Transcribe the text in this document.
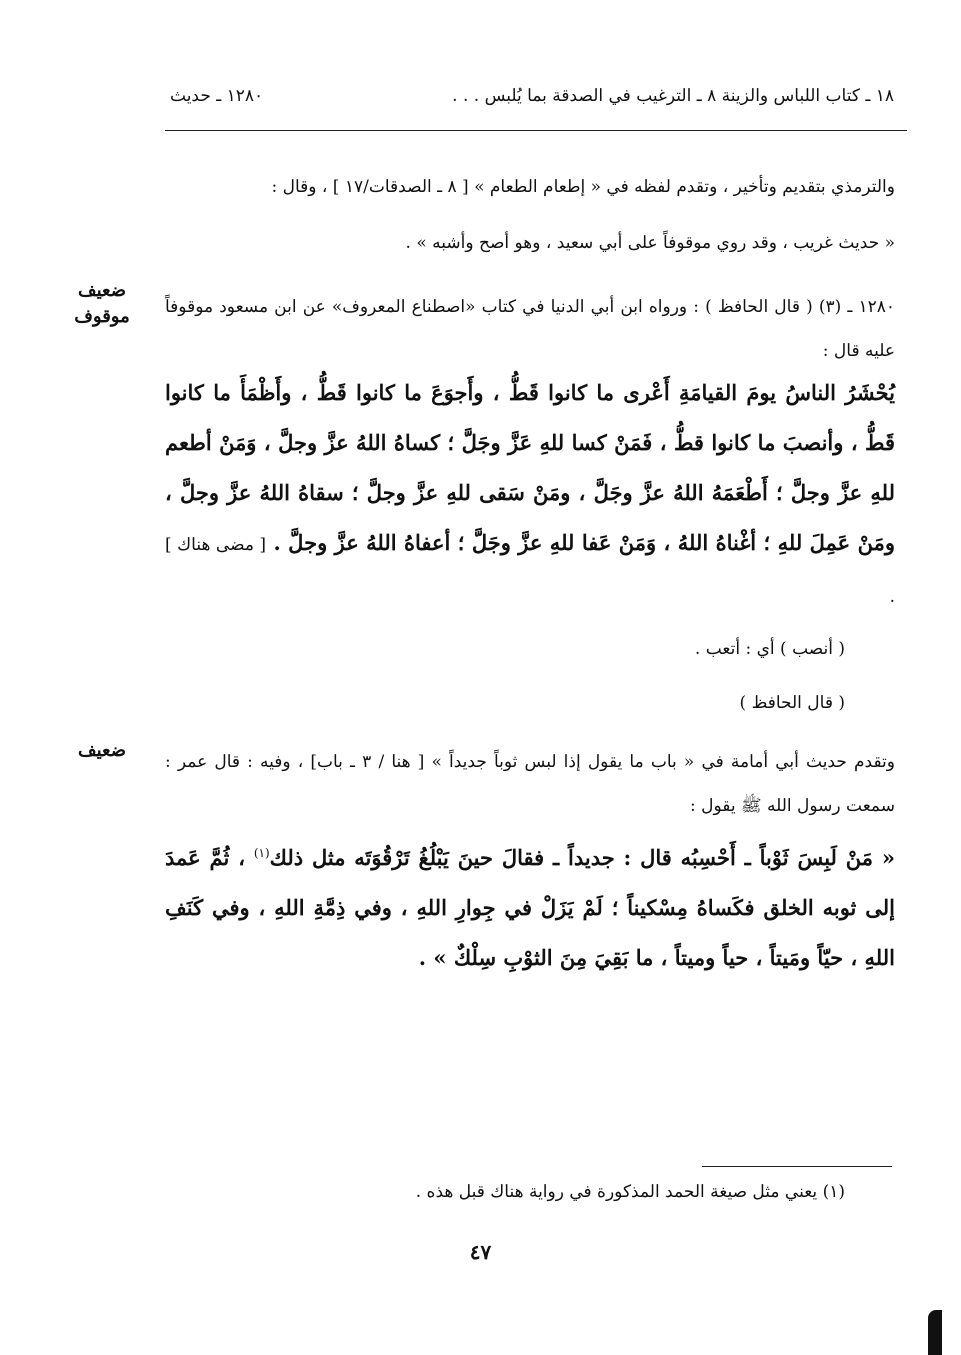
١٨ ـ كتاب اللباس والزينة ٨ ـ الترغيب في الصدقة بما يُلبس . . .
١٢٨٠ ـ حديث
والترمذي بتقديم وتأخير ، وتقدم لفظه في « إطعام الطعام » [ ٨ ـ الصدقات/١٧ ] ، وقال :
« حديث غريب ، وقد روي موقوفاً على أبي سعيد ، وهو أصح وأشبه » .
١٢٨٠ ـ (٣) ( قال الحافظ ) : ورواه ابن أبي الدنيا في كتاب «اصطناع المعروف» عن ابن مسعود موقوفاً عليه قال :
يُحْشَرُ الناسُ يومَ القيامَةِ أَعْرى ما كانوا قَطُّ ، وأَجوَعَ ما كانوا قَطُّ ، وأَظْمَأَ ما كانوا قَطُّ ، وأنصبَ ما كانوا قطُّ ، فَمَنْ كسا للهِ عَزَّ وجَلَّ ؛ كساهُ اللهُ عزَّ وجلَّ ، وَمَنْ أطعم للهِ عزَّ وجلَّ ؛ أَطْعَمَهُ اللهُ عزَّ وجَلَّ ، ومَنْ سَقى للهِ عزَّ وجلَّ ؛ سقاهُ اللهُ عزَّ وجلَّ ، ومَنْ عَمِلَ للهِ ؛ أغْناهُ اللهُ ، وَمَنْ عَفا للهِ عزَّ وجَلَّ ؛ أعفاهُ اللهُ عزَّ وجلَّ . [ مضى هناك ] .
( أنصب ) أي : أتعب .
( قال الحافظ )
وتقدم حديث أبي أمامة في « باب ما يقول إذا لبس ثوباً جديداً » [ هنا / ٣ ـ باب] ، وفيه : قال عمر : سمعت رسول الله ﷺ يقول :
« مَنْ لَبِسَ ثَوْباً ـ أَحْسِبُه قال : جديداً ـ فقالَ حينَ يَبْلُغُ تَرْقُوَتَه مثل ذلك$^{(١)}$ ، ثُمَّ عَمدَ إلى ثوبه الخلق فكَساهُ مِسْكيناً ؛ لَمْ يَزَلْ في جِوارِ اللهِ ، وفي ذِمَّةِ اللهِ ، وفي كَنَفِ اللهِ ، حيّاً ومَيتاً ، حياً وميتاً ، ما بَقِيَ مِنَ الثوْبِ سِلْكٌ » .
ضعيف
موقوف
ضعيف
(١) يعني مثل صيغة الحمد المذكورة في رواية هناك قبل هذه .
٤٧
